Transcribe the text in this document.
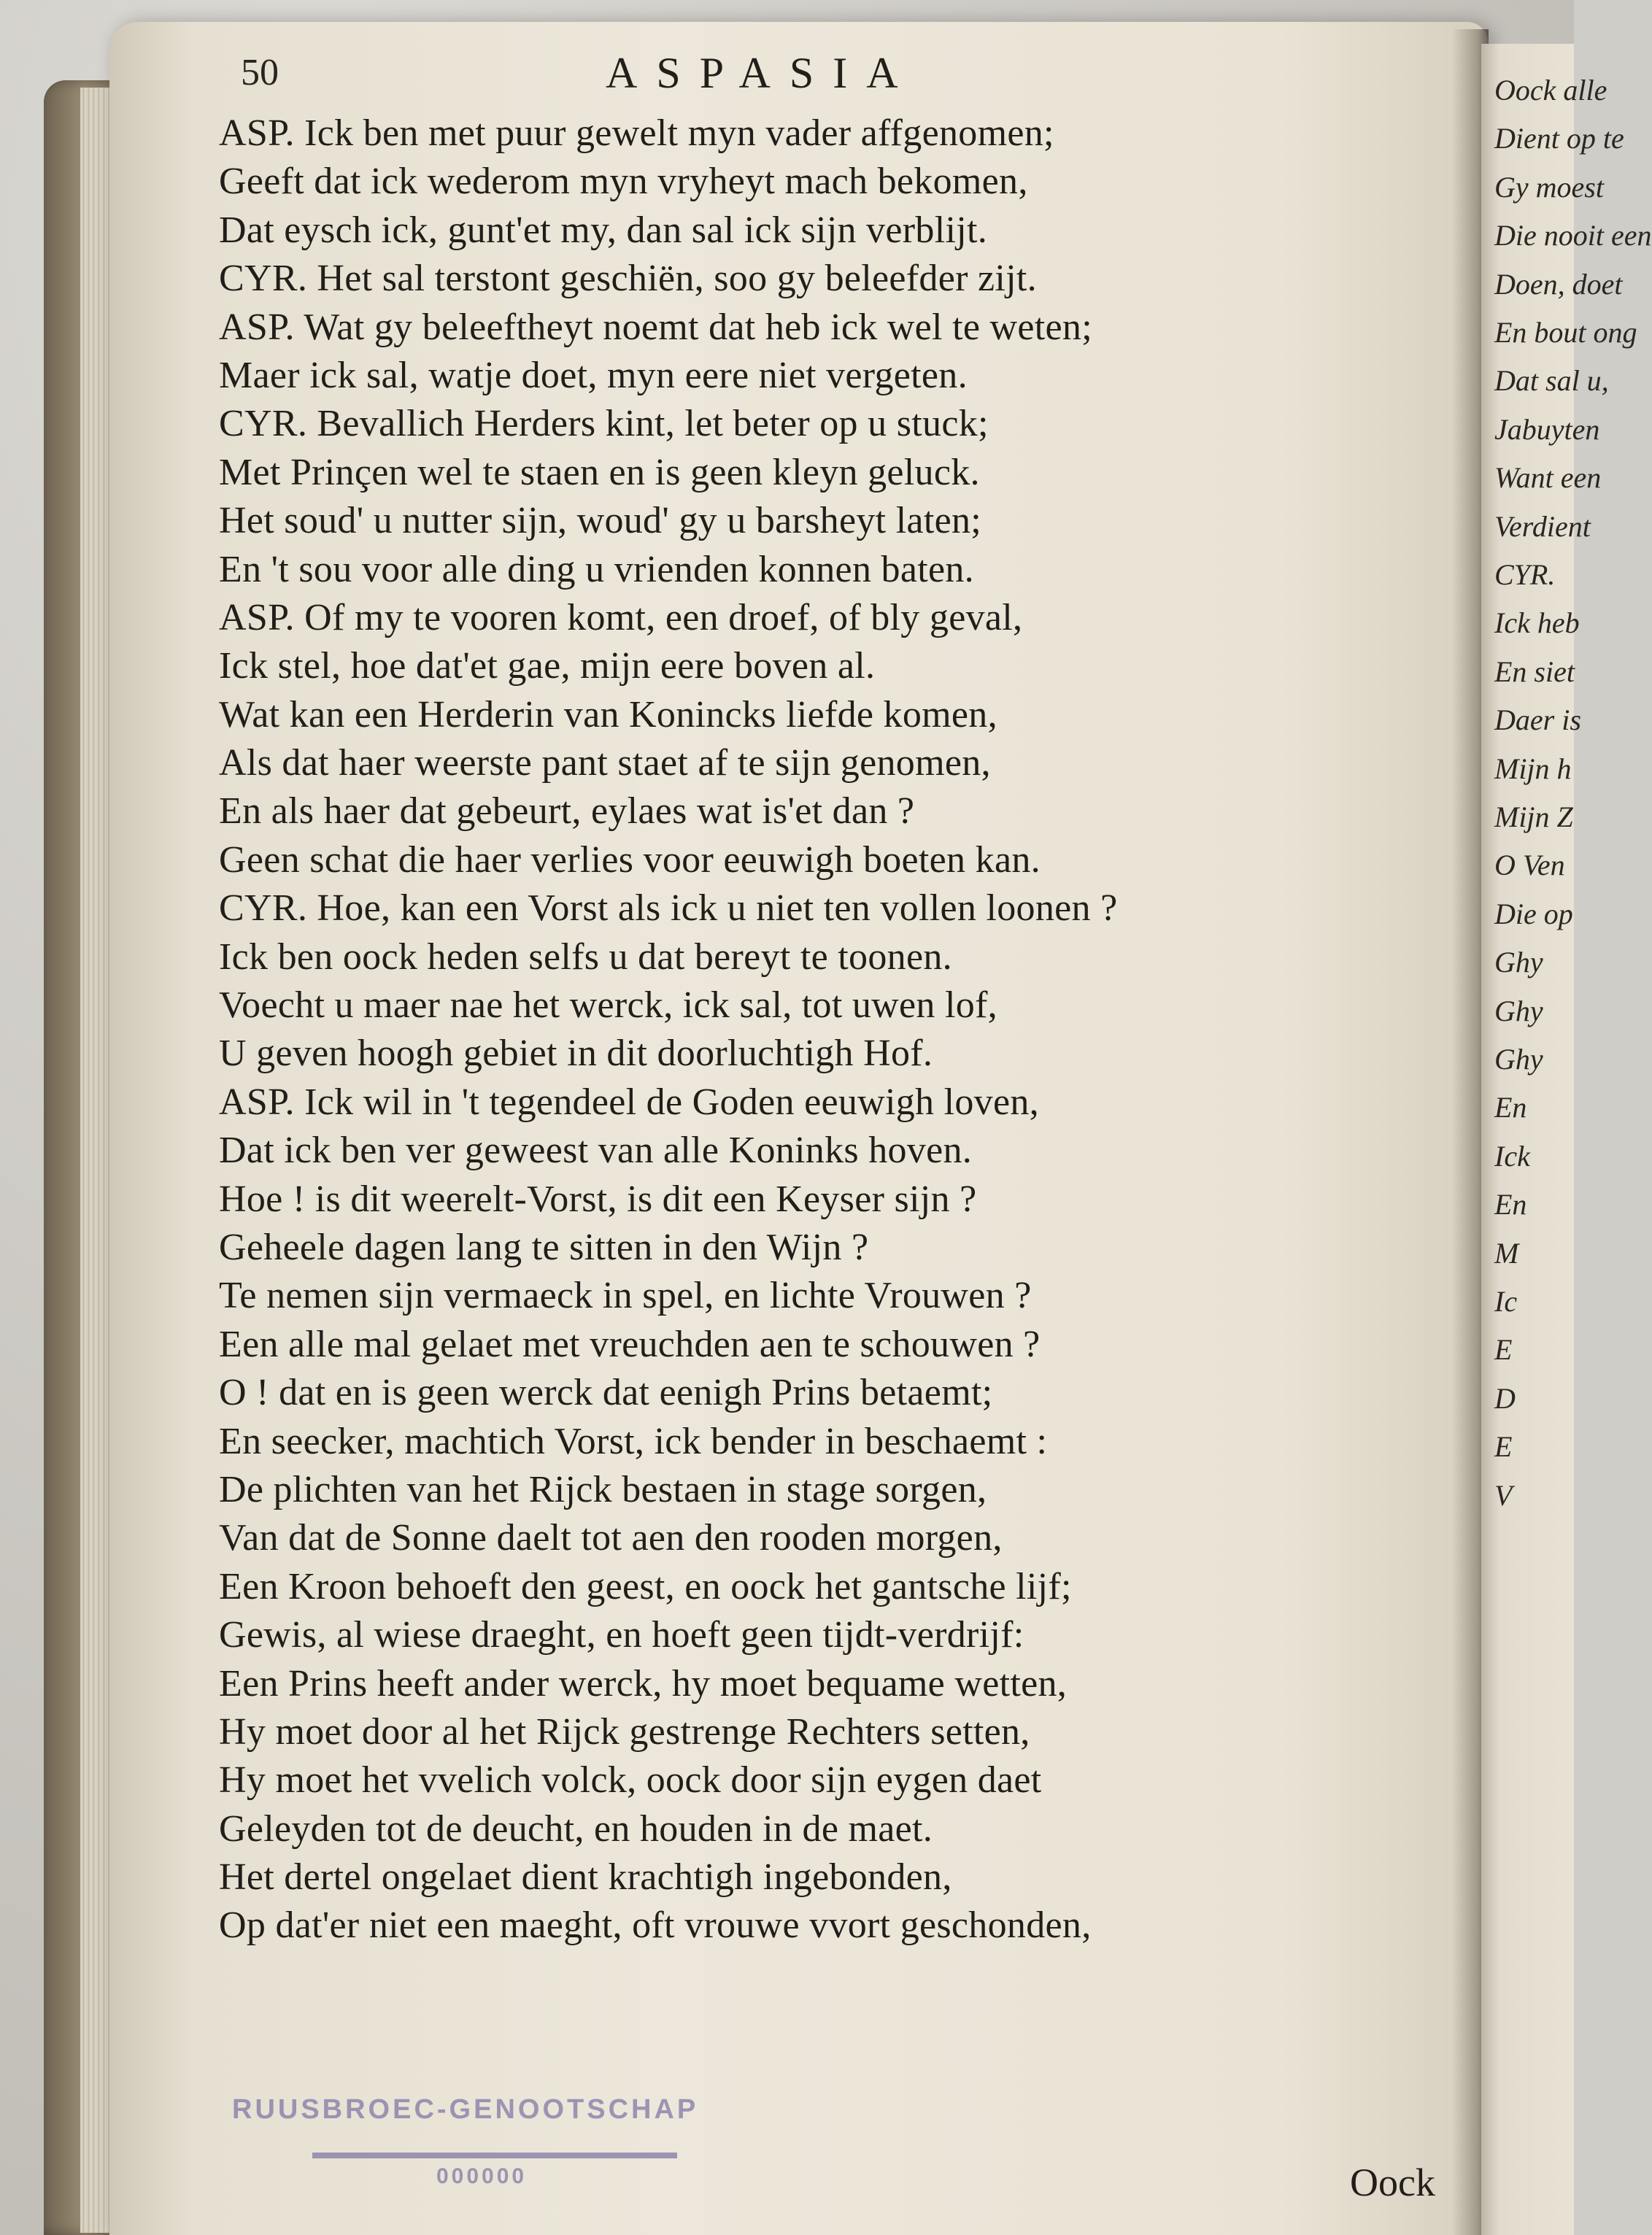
Oock alle
Dient op te
Gy moest
Die nooit een
Doen, doet
En bout ong
Dat sal u,
Jabuyten
Want een
Verdient
CYR.
Ick heb
En siet
Daer is
Mijn h
Mijn Z
O Ven
Die op
Ghy
Ghy
Ghy
En
Ick
En
M
Ic
E
D
E
V
50	ASPASIA
ASP. Ick ben met puur gewelt myn vader affgenomen;
Geeft dat ick wederom myn vryheyt mach bekomen,
Dat eysch ick, gunt'et my, dan sal ick sijn verblijt.
CYR. Het sal terstont geschiën, soo gy beleefder zijt.
ASP. Wat gy beleeftheyt noemt dat heb ick wel te weten;
Maer ick sal, watje doet, myn eere niet vergeten.
CYR. Bevallich Herders kint, let beter op u stuck;
Met Prinçen wel te staen en is geen kleyn geluck.
Het soud' u nutter sijn, woud' gy u barsheyt laten;
En 't sou voor alle ding u vrienden konnen baten.
ASP. Of my te vooren komt, een droef, of bly geval,
Ick stel, hoe dat'et gae, mijn eere boven al.
Wat kan een Herderin van Konincks liefde komen,
Als dat haer weerste pant staet af te sijn genomen,
En als haer dat gebeurt, eylaes wat is'et dan ?
Geen schat die haer verlies voor eeuwigh boeten kan.
CYR. Hoe, kan een Vorst als ick u niet ten vollen loonen ?
Ick ben oock heden selfs u dat bereyt te toonen.
Voecht u maer nae het werck, ick sal, tot uwen lof,
U geven hoogh gebiet in dit doorluchtigh Hof.
ASP. Ick wil in 't tegendeel de Goden eeuwigh loven,
Dat ick ben ver geweest van alle Koninks hoven.
Hoe ! is dit weerelt-Vorst, is dit een Keyser sijn ?
Geheele dagen lang te sitten in den Wijn ?
Te nemen sijn vermaeck in spel, en lichte Vrouwen ?
Een alle mal gelaet met vreuchden aen te schouwen ?
O ! dat en is geen werck dat eenigh Prins betaemt;
En seecker, machtich Vorst, ick bender in beschaemt :
De plichten van het Rijck bestaen in stage sorgen,
Van dat de Sonne daelt tot aen den rooden morgen,
Een Kroon behoeft den geest, en oock het gantsche lijf;
Gewis, al wiese draeght, en hoeft geen tijdt-verdrijf:
Een Prins heeft ander werck, hy moet bequame wetten,
Hy moet door al het Rijck gestrenge Rechters setten,
Hy moet het vvelich volck, oock door sijn eygen daet
Geleyden tot de deucht, en houden in de maet.
Het dertel ongelaet dient krachtigh ingebonden,
Op dat'er niet een maeght, oft vrouwe vvort geschonden,
RUUSBROEC-GENOOTSCHAP
000000	Oock
